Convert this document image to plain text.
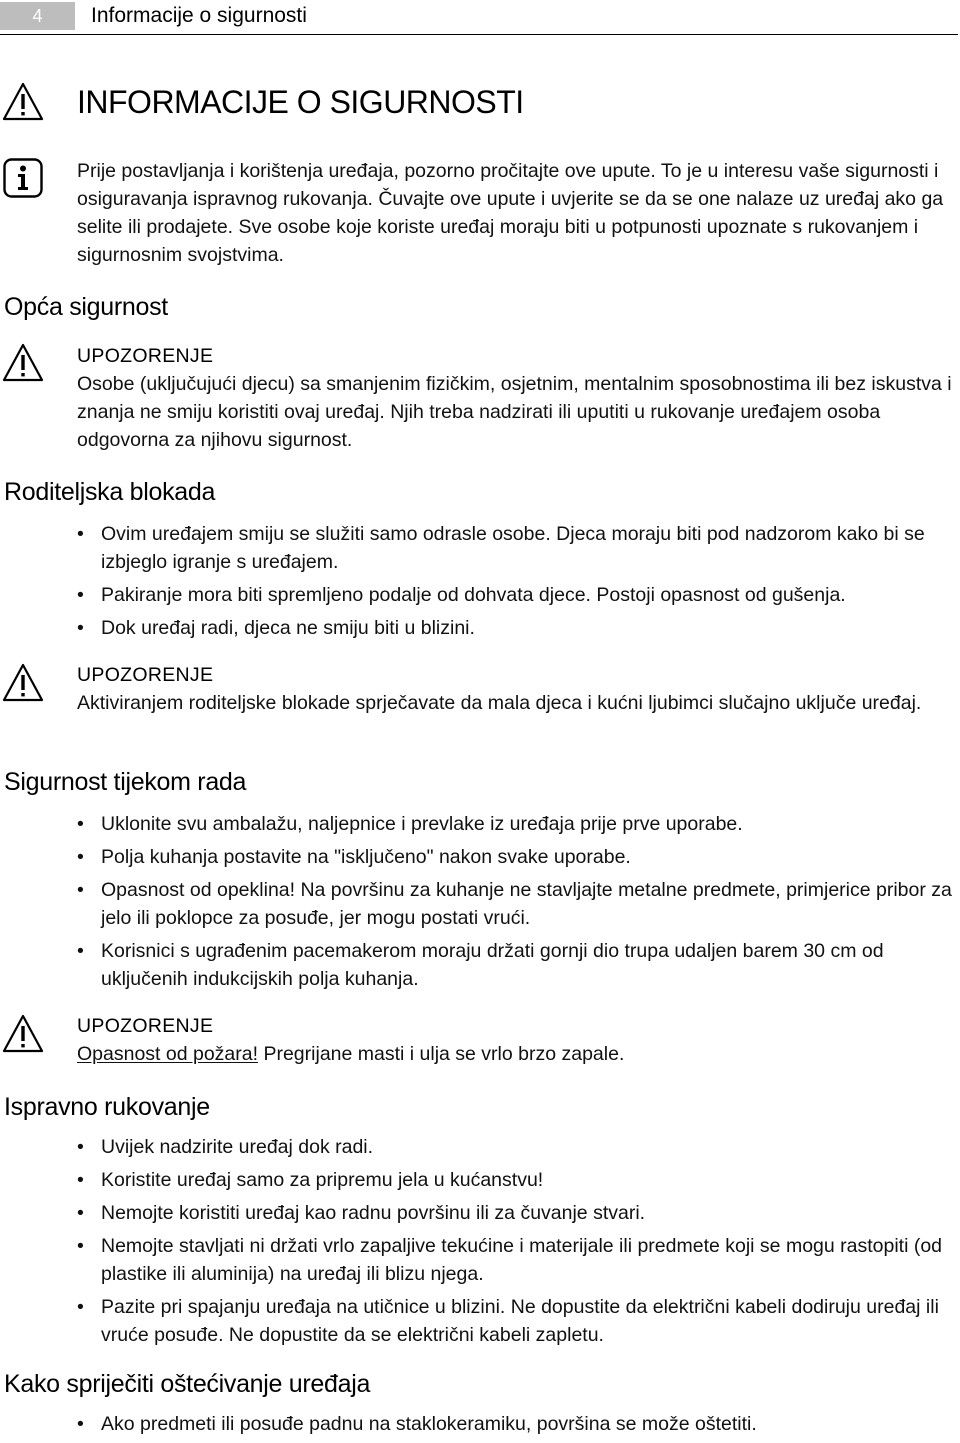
4	Informacije o sigurnosti
INFORMACIJE O SIGURNOSTI
Prije postavljanja i korištenja uređaja, pozorno pročitajte ove upute. To je u interesu vaše sigurnosti i osiguravanja ispravnog rukovanja. Čuvajte ove upute i uvjerite se da se one nalaze uz uređaj ako ga selite ili prodajete. Sve osobe koje koriste uređaj moraju biti u potpunosti upoznate s rukovanjem i sigurnosnim svojstvima.
Opća sigurnost
UPOZORENJE
Osobe (uključujući djecu) sa smanjenim fizičkim, osjetnim, mentalnim sposobnostima ili bez iskustva i znanja ne smiju koristiti ovaj uređaj. Njih treba nadzirati ili uputiti u rukovanje uređajem osoba odgovorna za njihovu sigurnost.
Roditeljska blokada
• Ovim uređajem smiju se služiti samo odrasle osobe. Djeca moraju biti pod nadzorom kako bi se izbjeglo igranje s uređajem.
• Pakiranje mora biti spremljeno podalje od dohvata djece. Postoji opasnost od gušenja.
• Dok uređaj radi, djeca ne smiju biti u blizini.
UPOZORENJE
Aktiviranjem roditeljske blokade sprječavate da mala djeca i kućni ljubimci slučajno uključe uređaj.
Sigurnost tijekom rada
• Uklonite svu ambalažu, naljepnice i prevlake iz uređaja prije prve uporabe.
• Polja kuhanja postavite na "isključeno" nakon svake uporabe.
• Opasnost od opeklina! Na površinu za kuhanje ne stavljajte metalne predmete, primjerice pribor za jelo ili poklopce za posuđe, jer mogu postati vrući.
• Korisnici s ugrađenim pacemakerom moraju držati gornji dio trupa udaljen barem 30 cm od uključenih indukcijskih polja kuhanja.
UPOZORENJE
Opasnost od požara! Pregrijane masti i ulja se vrlo brzo zapale.
Ispravno rukovanje
• Uvijek nadzirite uređaj dok radi.
• Koristite uređaj samo za pripremu jela u kućanstvu!
• Nemojte koristiti uređaj kao radnu površinu ili za čuvanje stvari.
• Nemojte stavljati ni držati vrlo zapaljive tekućine i materijale ili predmete koji se mogu rastopiti (od plastike ili aluminija) na uređaj ili blizu njega.
• Pazite pri spajanju uređaja na utičnice u blizini. Ne dopustite da električni kabeli dodiruju uređaj ili vruće posuđe. Ne dopustite da se električni kabeli zapletu.
Kako spriječiti oštećivanje uređaja
• Ako predmeti ili posuđe padnu na staklokeramiku, površina se može oštetiti.
